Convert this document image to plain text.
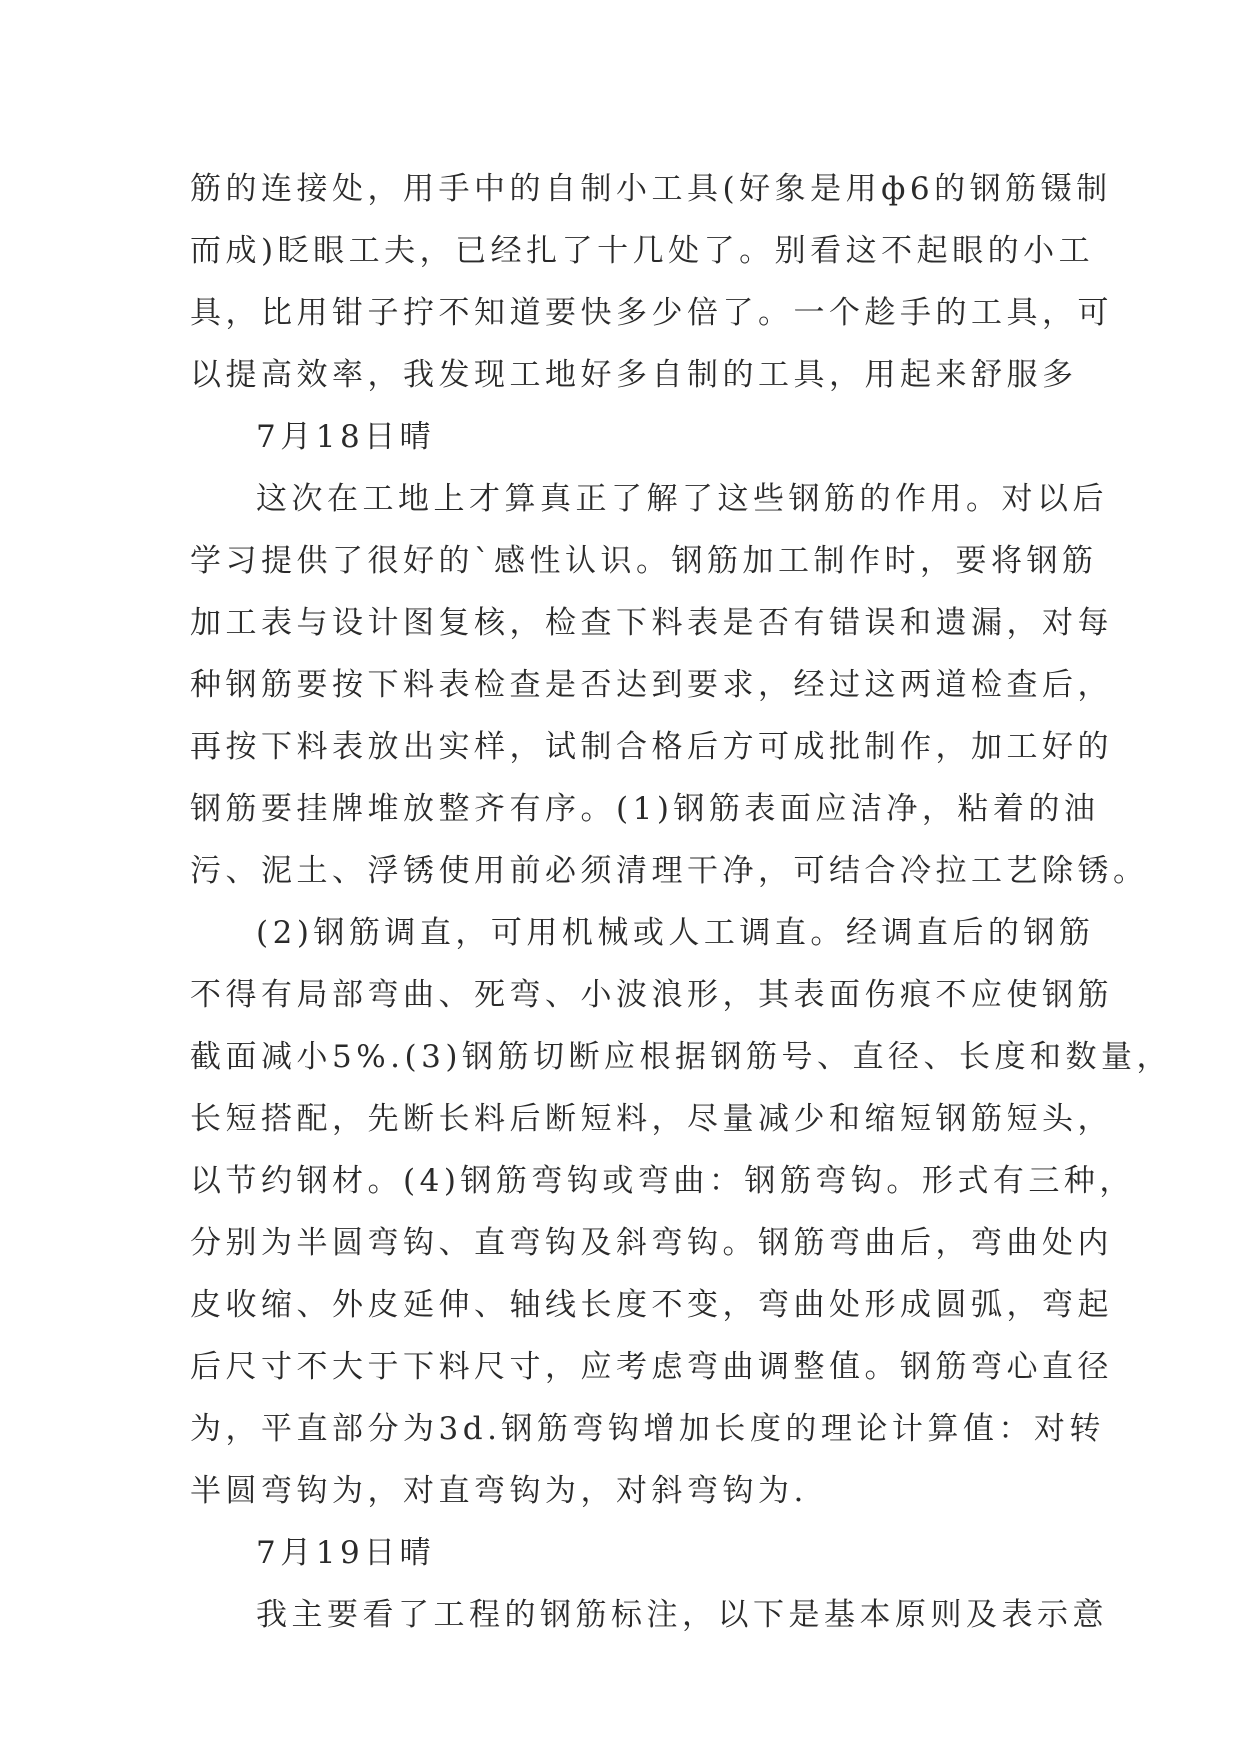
筋的连接处，用手中的自制小工具(好象是用ф6的钢筋镊制
而成)眨眼工夫，已经扎了十几处了。别看这不起眼的小工
具，比用钳子拧不知道要快多少倍了。一个趁手的工具，可
以提高效率，我发现工地好多自制的工具，用起来舒服多
7月18日晴
这次在工地上才算真正了解了这些钢筋的作用。对以后
学习提供了很好的`感性认识。钢筋加工制作时，要将钢筋
加工表与设计图复核，检查下料表是否有错误和遗漏，对每
种钢筋要按下料表检查是否达到要求，经过这两道检查后，
再按下料表放出实样，试制合格后方可成批制作，加工好的
钢筋要挂牌堆放整齐有序。(1)钢筋表面应洁净，粘着的油
污、泥土、浮锈使用前必须清理干净，可结合冷拉工艺除锈。
(2)钢筋调直，可用机械或人工调直。经调直后的钢筋
不得有局部弯曲、死弯、小波浪形，其表面伤痕不应使钢筋
截面减小5%.(3)钢筋切断应根据钢筋号、直径、长度和数量，
长短搭配，先断长料后断短料，尽量减少和缩短钢筋短头，
以节约钢材。(4)钢筋弯钩或弯曲：钢筋弯钩。形式有三种，
分别为半圆弯钩、直弯钩及斜弯钩。钢筋弯曲后，弯曲处内
皮收缩、外皮延伸、轴线长度不变，弯曲处形成圆弧，弯起
后尺寸不大于下料尺寸，应考虑弯曲调整值。钢筋弯心直径
为，平直部分为3d.钢筋弯钩增加长度的理论计算值：对转
半圆弯钩为，对直弯钩为，对斜弯钩为.
7月19日晴
我主要看了工程的钢筋标注，以下是基本原则及表示意
